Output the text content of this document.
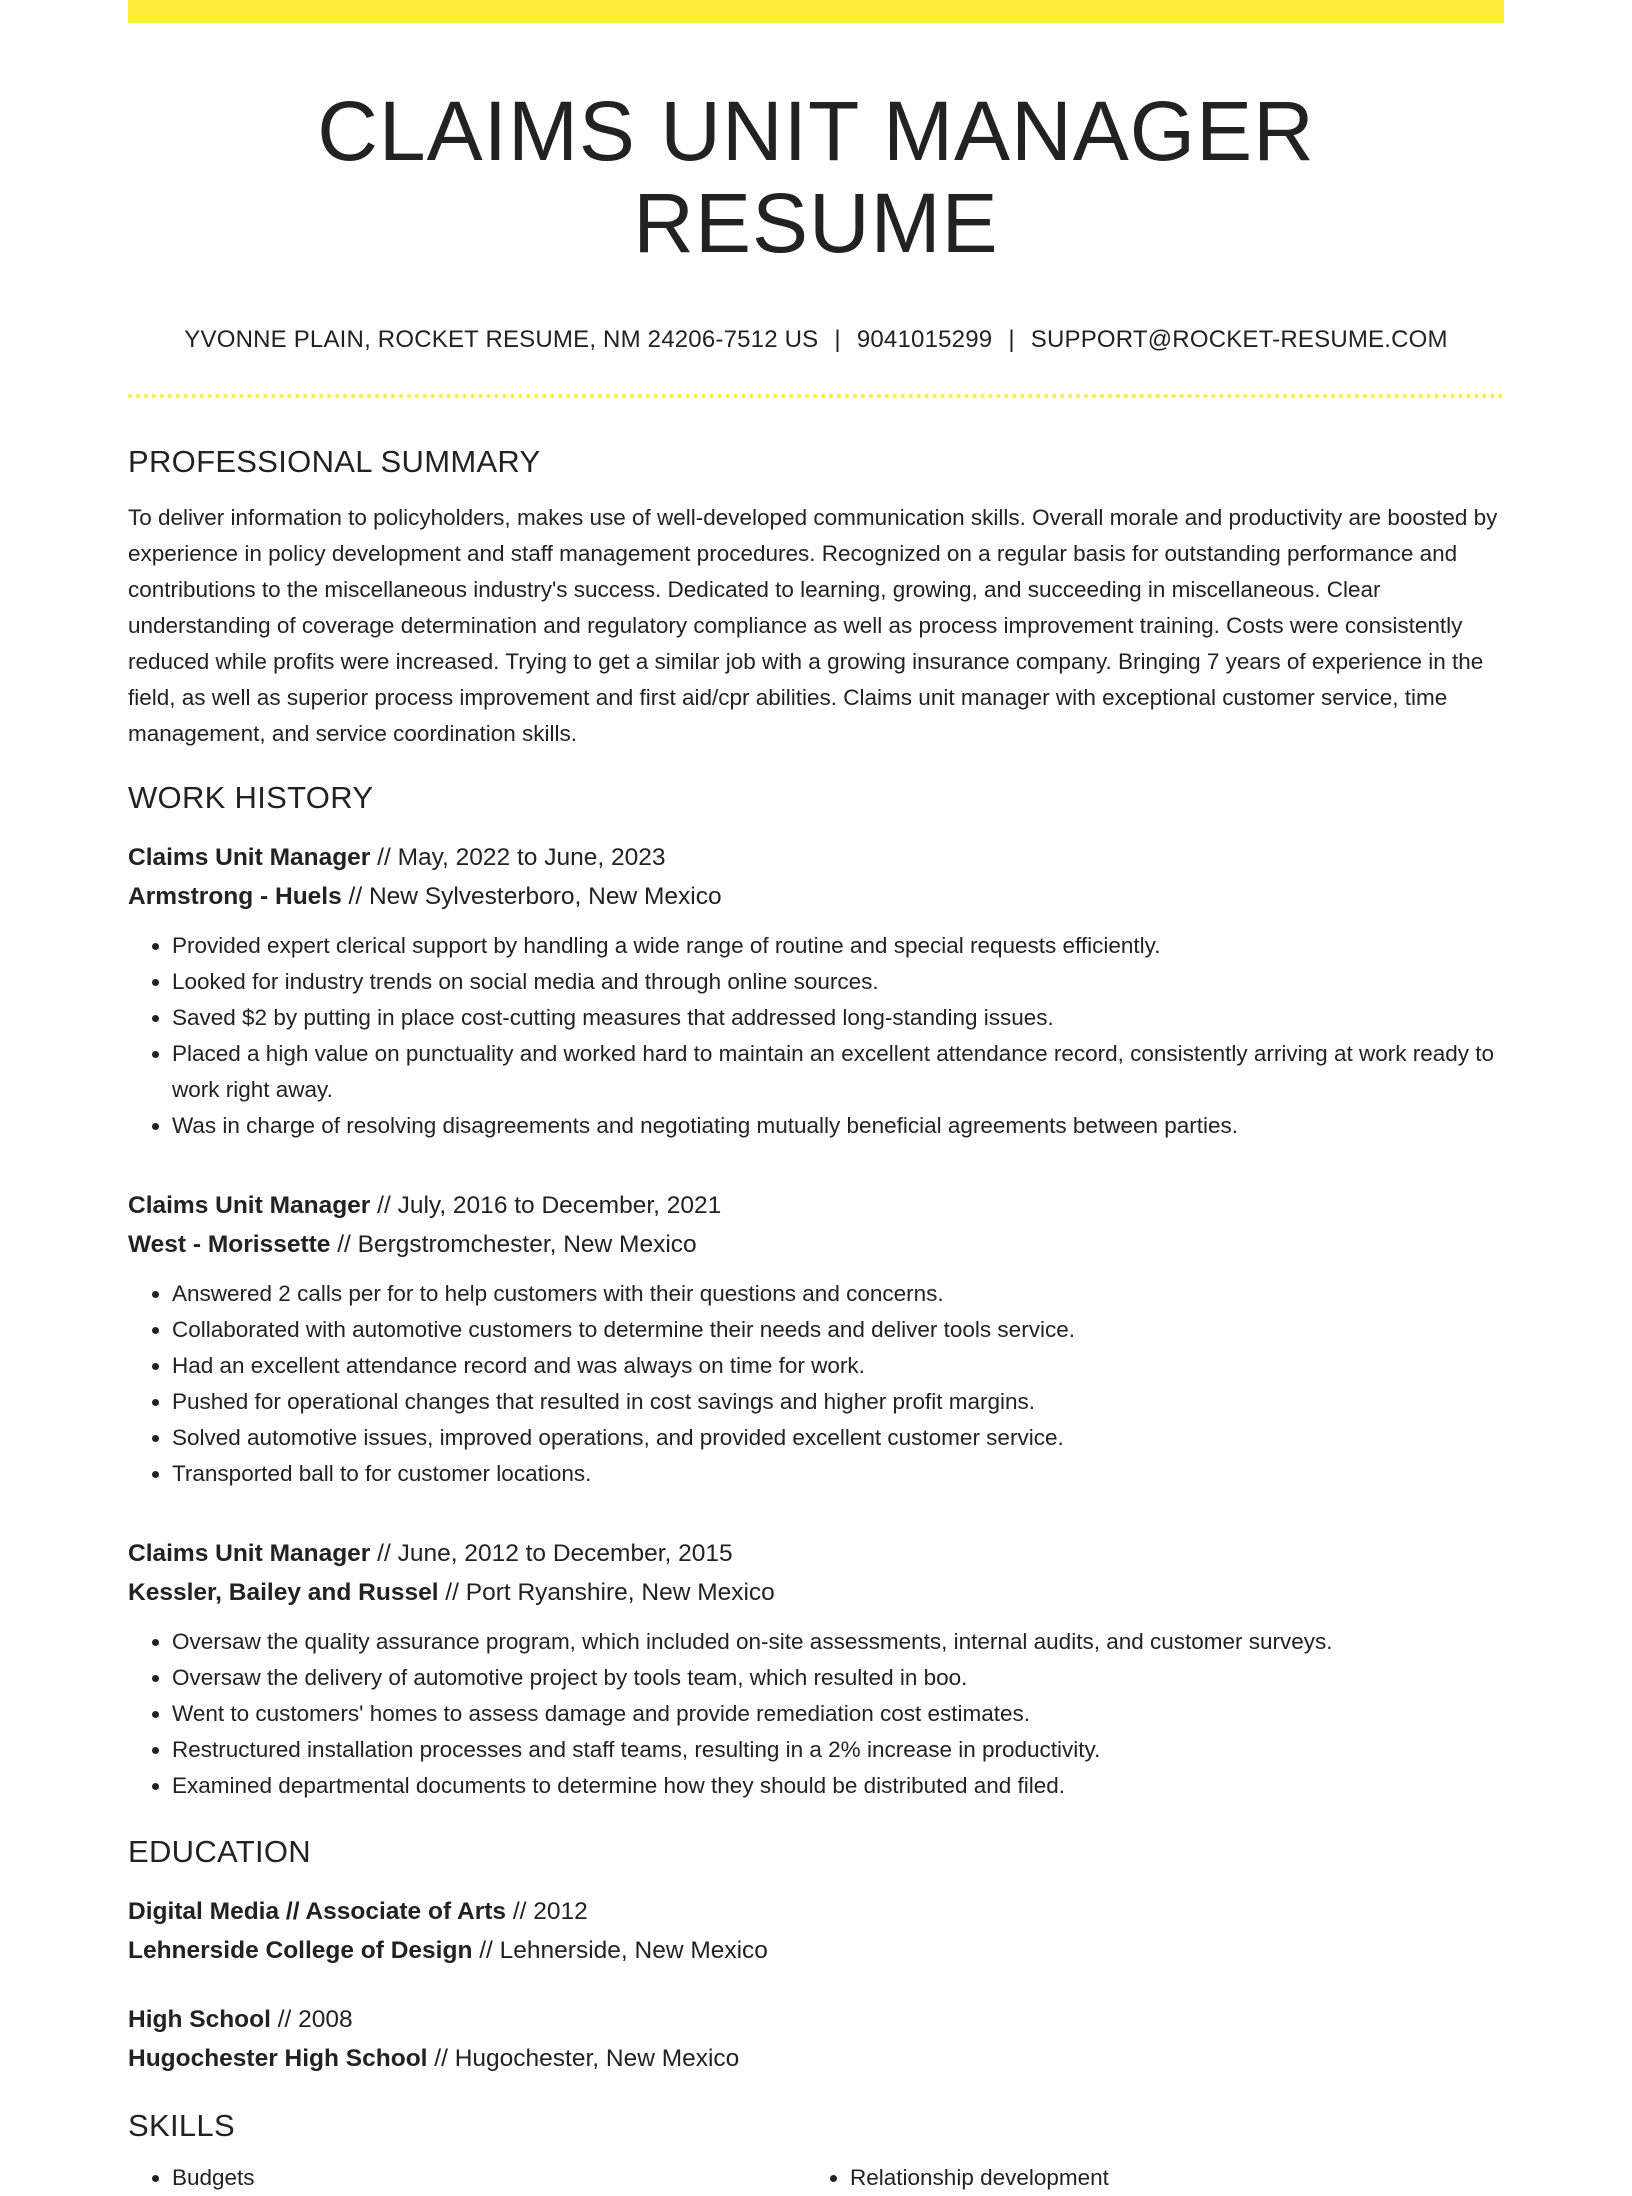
CLAIMS UNIT MANAGER RESUME
YVONNE PLAIN, ROCKET RESUME, NM 24206-7512 US | 9041015299 | SUPPORT@ROCKET-RESUME.COM
PROFESSIONAL SUMMARY

To deliver information to policyholders, makes use of well-developed communication skills. Overall morale and productivity are boosted by experience in policy development and staff management procedures. Recognized on a regular basis for outstanding performance and contributions to the miscellaneous industry's success. Dedicated to learning, growing, and succeeding in miscellaneous. Clear understanding of coverage determination and regulatory compliance as well as process improvement training. Costs were consistently reduced while profits were increased. Trying to get a similar job with a growing insurance company. Bringing 7 years of experience in the field, as well as superior process improvement and first aid/cpr abilities. Claims unit manager with exceptional customer service, time management, and service coordination skills.

WORK HISTORY
Claims Unit Manager // May, 2022 to June, 2023
Armstrong - Huels // New Sylvesterboro, New Mexico
• Provided expert clerical support by handling a wide range of routine and special requests efficiently.
• Looked for industry trends on social media and through online sources.
• Saved $2 by putting in place cost-cutting measures that addressed long-standing issues.
• Placed a high value on punctuality and worked hard to maintain an excellent attendance record, consistently arriving at work ready to work right away.
• Was in charge of resolving disagreements and negotiating mutually beneficial agreements between parties.
Claims Unit Manager // July, 2016 to December, 2021
West - Morissette // Bergstromchester, New Mexico
• Answered 2 calls per for to help customers with their questions and concerns.
• Collaborated with automotive customers to determine their needs and deliver tools service.
• Had an excellent attendance record and was always on time for work.
• Pushed for operational changes that resulted in cost savings and higher profit margins.
• Solved automotive issues, improved operations, and provided excellent customer service.
• Transported ball to for customer locations.
Claims Unit Manager // June, 2012 to December, 2015
Kessler, Bailey and Russel // Port Ryanshire, New Mexico
• Oversaw the quality assurance program, which included on-site assessments, internal audits, and customer surveys.
• Oversaw the delivery of automotive project by tools team, which resulted in boo.
• Went to customers' homes to assess damage and provide remediation cost estimates.
• Restructured installation processes and staff teams, resulting in a 2% increase in productivity.
• Examined departmental documents to determine how they should be distributed and filed.
EDUCATION
Digital Media // Associate of Arts // 2012
Lehnerside College of Design // Lehnerside, New Mexico
High School // 2008
Hugochester High School // Hugochester, New Mexico
SKILLS
• Budgets
•	Relationship development
